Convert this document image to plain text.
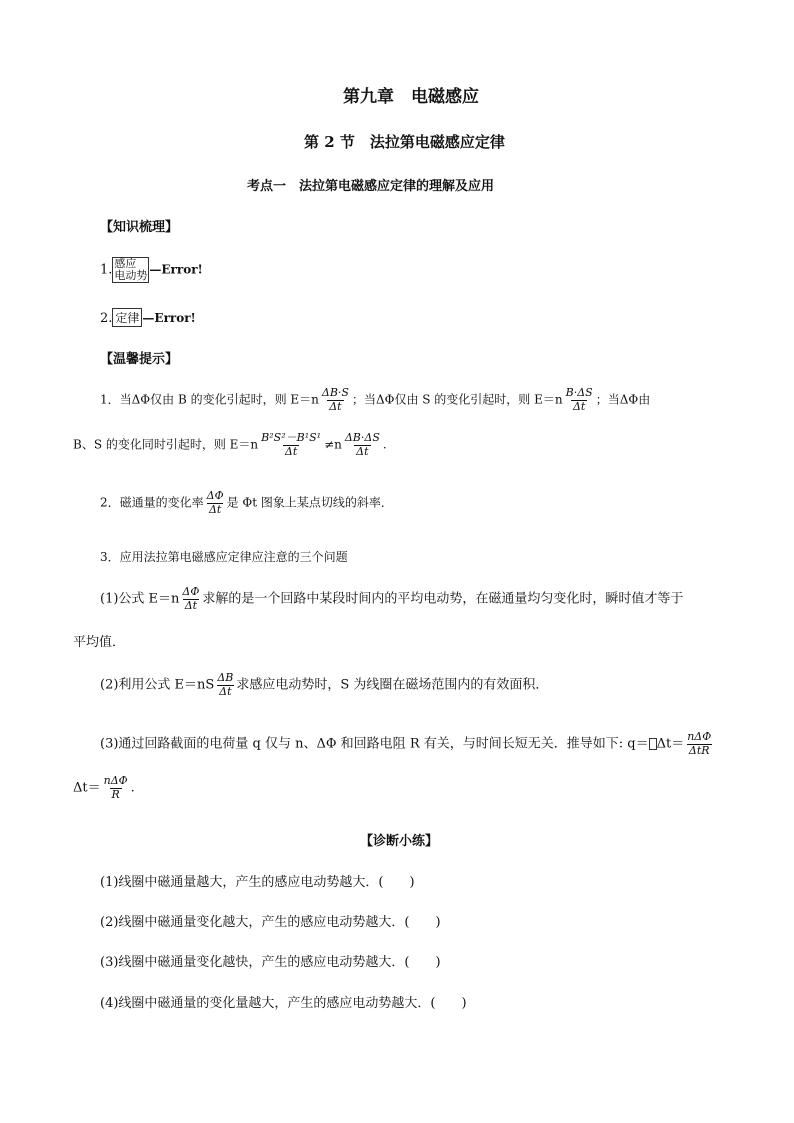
第九章　电磁感应
第 2 节　法拉第电磁感应定律
考点一　法拉第电磁感应定律的理解及应用
【知识梳理】
1. 感应
电动势 —Error!
2. 定律 —Error!
【温馨提示】
1．当ΔΦ仅由 B 的变化引起时，则 $E=n \frac{\Delta B\cdot S}{\Delta t}$ ；当ΔΦ仅由 S 的变化引起时，则 $E=n \frac{B\cdot\Delta S}{\Delta t}$ ；当ΔΦ由
B、S 的变化同时引起时，则 $E=n \frac{\text{B²S²－B¹S¹}}{\Delta t} \ne n \frac{\Delta B\cdot\Delta S}{\Delta t}$ .
2．磁通量的变化率 $\frac{\Delta\Phi}{\Delta t}$ 是 Φt 图象上某点切线的斜率．
3．应用法拉第电磁感应定律应注意的三个问题
(1)公式 $E=n \frac{\Delta\Phi}{\Delta t}$ 求解的是一个回路中某段时间内的平均电动势，在磁通量均匀变化时，瞬时值才等于
平均值．
(2)利用公式 $E=nS \frac{\Delta B}{\Delta t}$ 求感应电动势时，S 为线圈在磁场范围内的有效面积．
(3)通过回路截面的电荷量 q 仅与 n、ΔΦ 和回路电阻 R 有关，与时间长短无关．推导如下: $q= \Delta t= \frac{\text{nΔΦ}}{\text{ΔtR}}$
$\Delta t= \frac{\text{nΔΦ}}{R}$ .
【诊断小练】
(1)线圈中磁通量越大，产生的感应电动势越大．(　　)
(2)线圈中磁通量变化越大，产生的感应电动势越大．(　　)
(3)线圈中磁通量变化越快，产生的感应电动势越大．(　　)
(4)线圈中磁通量的变化量越大，产生的感应电动势越大．(　　)
